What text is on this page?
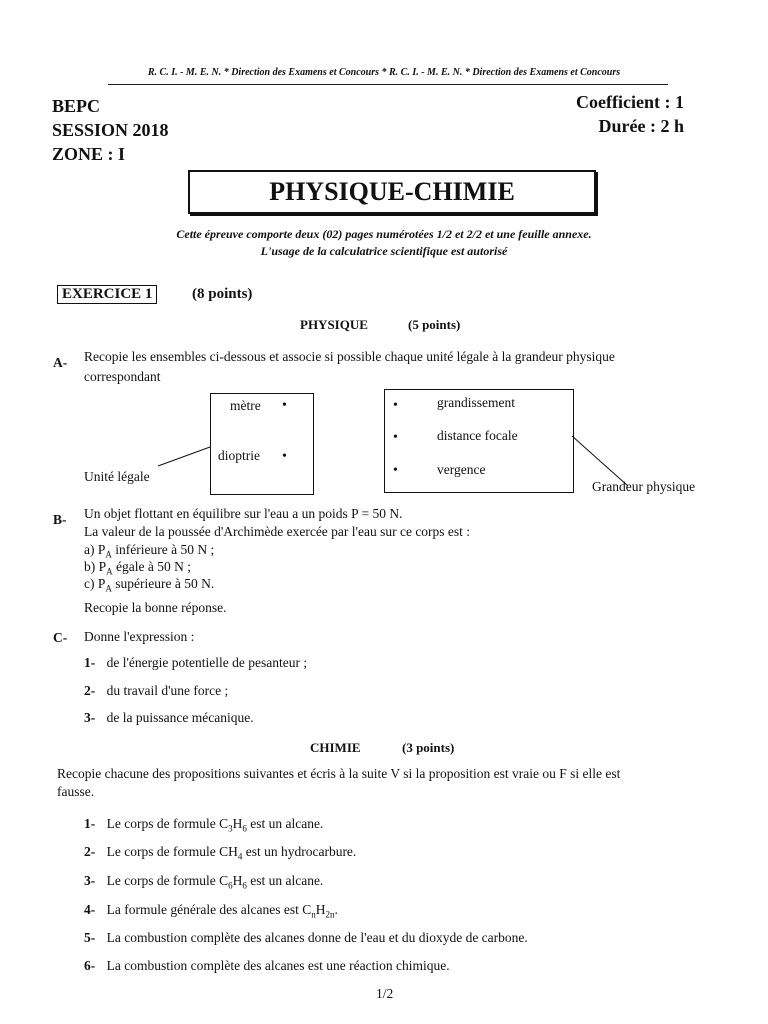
R. C. I. - M. E. N. * Direction des Examens et Concours * R. C. I. - M. E. N. * Direction des Examens et Concours
BEPC
SESSION 2018
ZONE : I
Coefficient : 1
Durée : 2 h
PHYSIQUE-CHIMIE
Cette épreuve comporte deux (02) pages numérotées 1/2 et 2/2 et une feuille annexe.
L'usage de la calculatrice scientifique est autorisé
EXERCICE 1	(8 points)
PHYSIQUE	(5 points)
A- Recopie les ensembles ci-dessous et associe si possible chaque unité légale à la grandeur physique
correspondant
mètre •
dioptrie •
•	grandissement
•	distance focale
•	vergence
Unité légale
Grandeur physique
B- Un objet flottant en équilibre sur l'eau a un poids P = 50 N.
La valeur de la poussée d'Archimède exercée par l'eau sur ce corps est :
a) $P_A$ inférieure à 50 N ;
b) $P_A$ égale à 50 N ;
c) $P_A$ supérieure à 50 N.
Recopie la bonne réponse.
C- Donne l'expression :
1- de l'énergie potentielle de pesanteur ;
2- du travail d'une force ;
3- de la puissance mécanique.
CHIMIE	(3 points)
Recopie chacune des propositions suivantes et écris à la suite V si la proposition est vraie ou F si elle est
fausse.
1- Le corps de formule $C_3H_6$ est un alcane.
2- Le corps de formule $CH_4$ est un hydrocarbure.
3- Le corps de formule $C_6H_6$ est un alcane.
4- La formule générale des alcanes est $C_nH_{2n}$.
5- La combustion complète des alcanes donne de l'eau et du dioxyde de carbone.
6- La combustion complète des alcanes est une réaction chimique.
1/2
